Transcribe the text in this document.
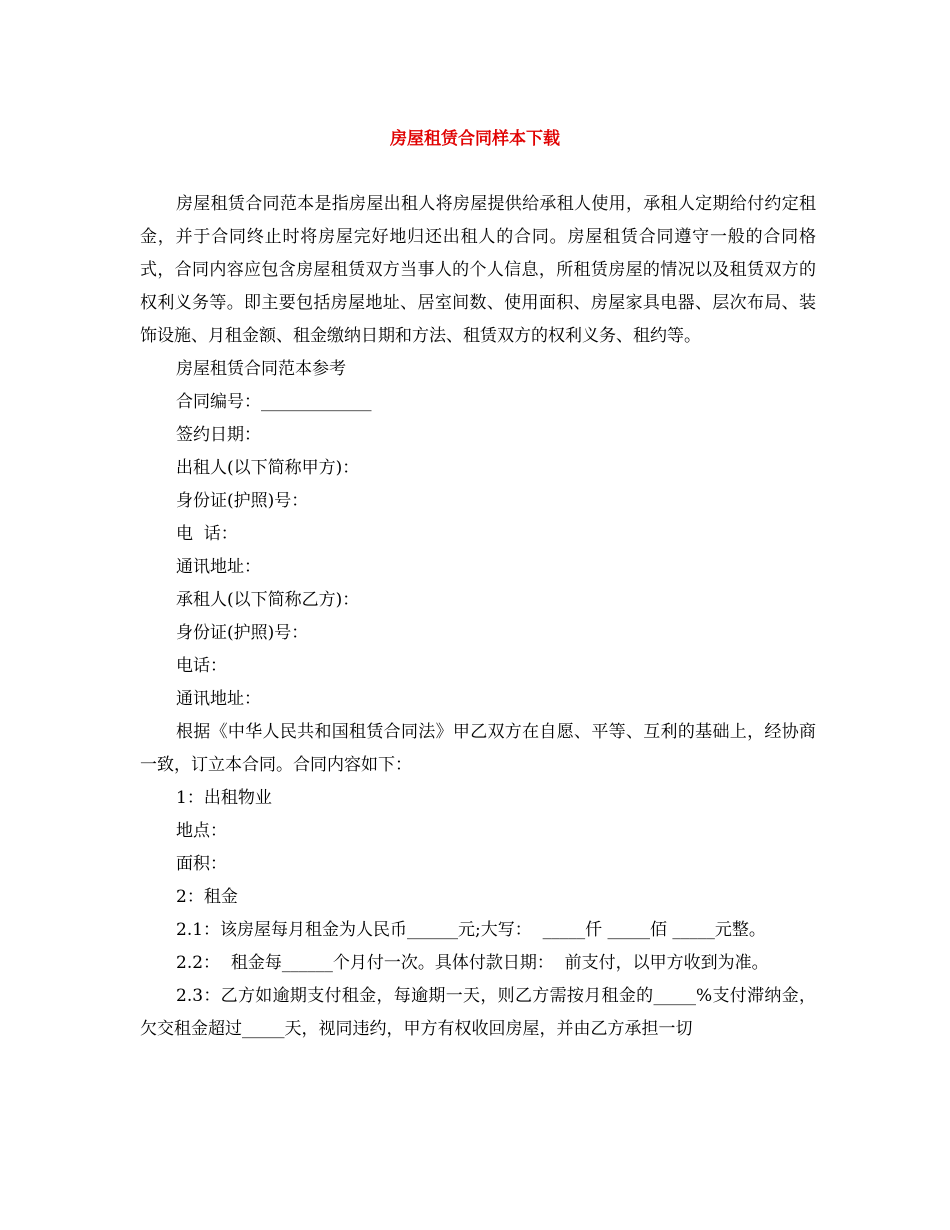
房屋租赁合同样本下载

房屋租赁合同范本是指房屋出租人将房屋提供给承租人使用，承租人定期给付约定租金，并于合同终止时将房屋完好地归还出租人的合同。房屋租赁合同遵守一般的合同格式，合同内容应包含房屋租赁双方当事人的个人信息，所租赁房屋的情况以及租赁双方的权利义务等。即主要包括房屋地址、居室间数、使用面积、房屋家具电器、层次布局、装饰设施、月租金额、租金缴纳日期和方法、租赁双方的权利义务、租约等。

房屋租赁合同范本参考

合同编号：_____________

签约日期：

出租人(以下简称甲方)：

身份证(护照)号：

电  话：

通讯地址：

承租人(以下简称乙方)：

身份证(护照)号：

电话：

通讯地址：

根据《中华人民共和国租赁合同法》甲乙双方在自愿、平等、互利的基础上，经协商一致，订立本合同。合同内容如下：

1：出租物业

地点：

面积：

2：租金

2.1：该房屋每月租金为人民币______元;大写：  _____仟 _____佰 _____元整。

2.2：  租金每______个月付一次。具体付款日期：  前支付，以甲方收到为准。

2.3：乙方如逾期支付租金，每逾期一天，则乙方需按月租金的_____%支付滞纳金，欠交租金超过_____天，视同违约，甲方有权收回房屋，并由乙方承担一切
